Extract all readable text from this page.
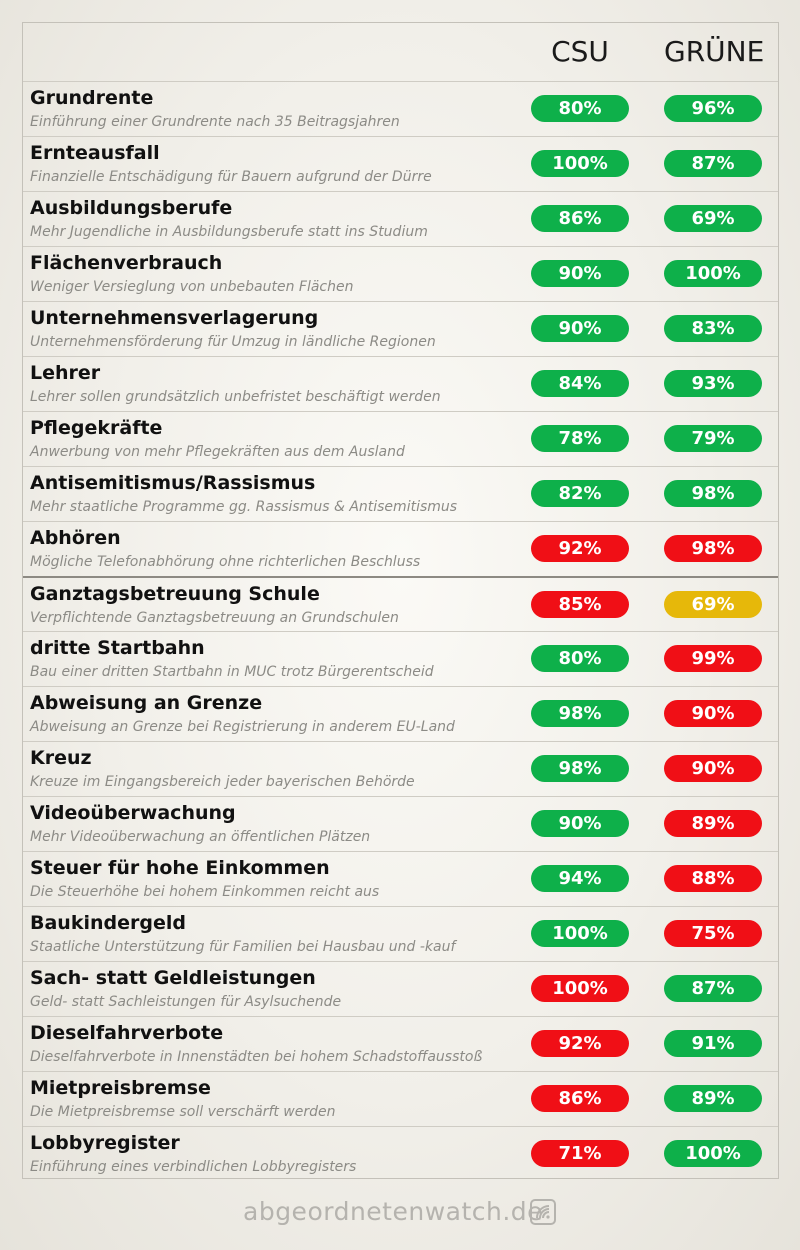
CSU	GRÜNE
Grundrente
Einführung einer Grundrente nach 35 Beitragsjahren
80%	96%
Ernteausfall
Finanzielle Entschädigung für Bauern aufgrund der Dürre
100%	87%
Ausbildungsberufe
Mehr Jugendliche in Ausbildungsberufe statt ins Studium
86%	69%
Flächenverbrauch
Weniger Versieglung von unbebauten Flächen
90%	100%
Unternehmensverlagerung
Unternehmensförderung für Umzug in ländliche Regionen
90%	83%
Lehrer
Lehrer sollen grundsätzlich unbefristet beschäftigt werden
84%	93%
Pflegekräfte
Anwerbung von mehr Pflegekräften aus dem Ausland
78%	79%
Antisemitismus/Rassismus
Mehr staatliche Programme gg. Rassismus & Antisemitismus
82%	98%
Abhören
Mögliche Telefonabhörung ohne richterlichen Beschluss
92%	98%
Ganztagsbetreuung Schule
Verpflichtende Ganztagsbetreuung an Grundschulen
85%	69%
dritte Startbahn
Bau einer dritten Startbahn in MUC trotz Bürgerentscheid
80%	99%
Abweisung an Grenze
Abweisung an Grenze bei Registrierung in anderem EU-Land
98%	90%
Kreuz
Kreuze im Eingangsbereich jeder bayerischen Behörde
98%	90%
Videoüberwachung
Mehr Videoüberwachung an öffentlichen Plätzen
90%	89%
Steuer für hohe Einkommen
Die Steuerhöhe bei hohem Einkommen reicht aus
94%	88%
Baukindergeld
Staatliche Unterstützung für Familien bei Hausbau und -kauf
100%	75%
Sach- statt Geldleistungen
Geld- statt Sachleistungen für Asylsuchende
100%	87%
Dieselfahrverbote
Dieselfahrverbote in Innenstädten bei hohem Schadstoffausstoß
92%	91%
Mietpreisbremse
Die Mietpreisbremse soll verschärft werden
86%	89%
Lobbyregister
Einführung eines verbindlichen Lobbyregisters
71%	100%
abgeordnetenwatch.de
